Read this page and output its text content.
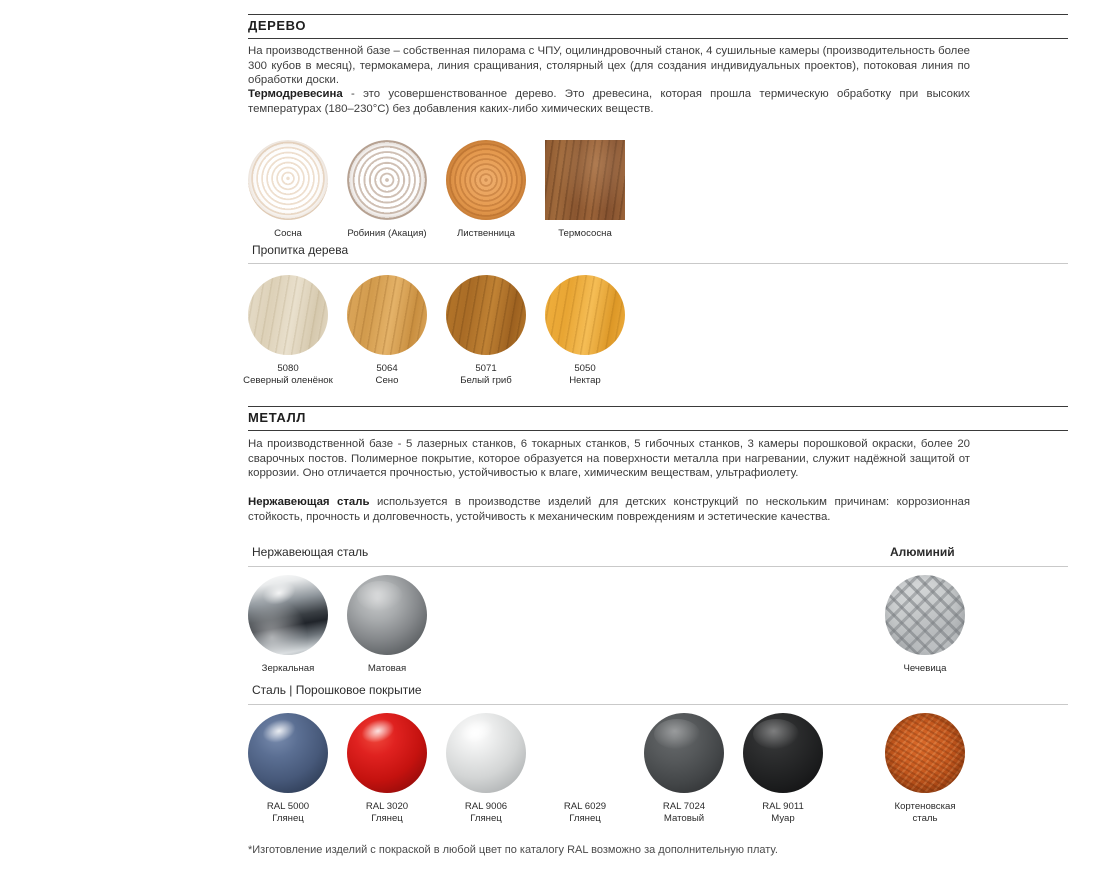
ДЕРЕВО
На производственной базе – собственная пилорама с ЧПУ, оцилиндровочный станок, 4 сушильные камеры (производительность более 300 кубов в месяц), термокамера, линия сращивания, столярный цех (для создания индивидуальных проектов), потоковая линия по обработки доски.
Термодревесина - это усовершенствованное дерево. Это древесина, которая прошла термическую обработку при высоких температурах (180–230°С) без добавления каких-либо химических веществ.
Сосна	Робиния (Акация)	Лиственница	Термососна
Пропитка дерева
5080
Северный оленёнок
5064
Сено
5071
Белый гриб
5050
Нектар
МЕТАЛЛ
На производственной базе - 5 лазерных станков, 6 токарных станков, 5 гибочных станков, 3 камеры порошковой окраски, более 20 сварочных постов. Полимерное покрытие, которое образуется на поверхности металла при нагревании, служит надёжной защитой от коррозии. Оно отличается прочностью, устойчивостью к влаге, химическим веществам, ультрафиолету.
Нержавеющая сталь используется в производстве изделий для детских конструкций по нескольким причинам: коррозионная стойкость, прочность и долговечность, устойчивость к механическим повреждениям и эстетические качества.
Нержавеющая сталь	Алюминий
Зеркальная	Матовая	Чечевица
Сталь | Порошковое покрытие
RAL 5000
Глянец
RAL 3020
Глянец
RAL 9006
Глянец
RAL 6029
Глянец
RAL 7024
Матовый
RAL 9011
Муар
Кортеновская
сталь
*Изготовление изделий с покраской в любой цвет по каталогу RAL возможно за дополнительную плату.
